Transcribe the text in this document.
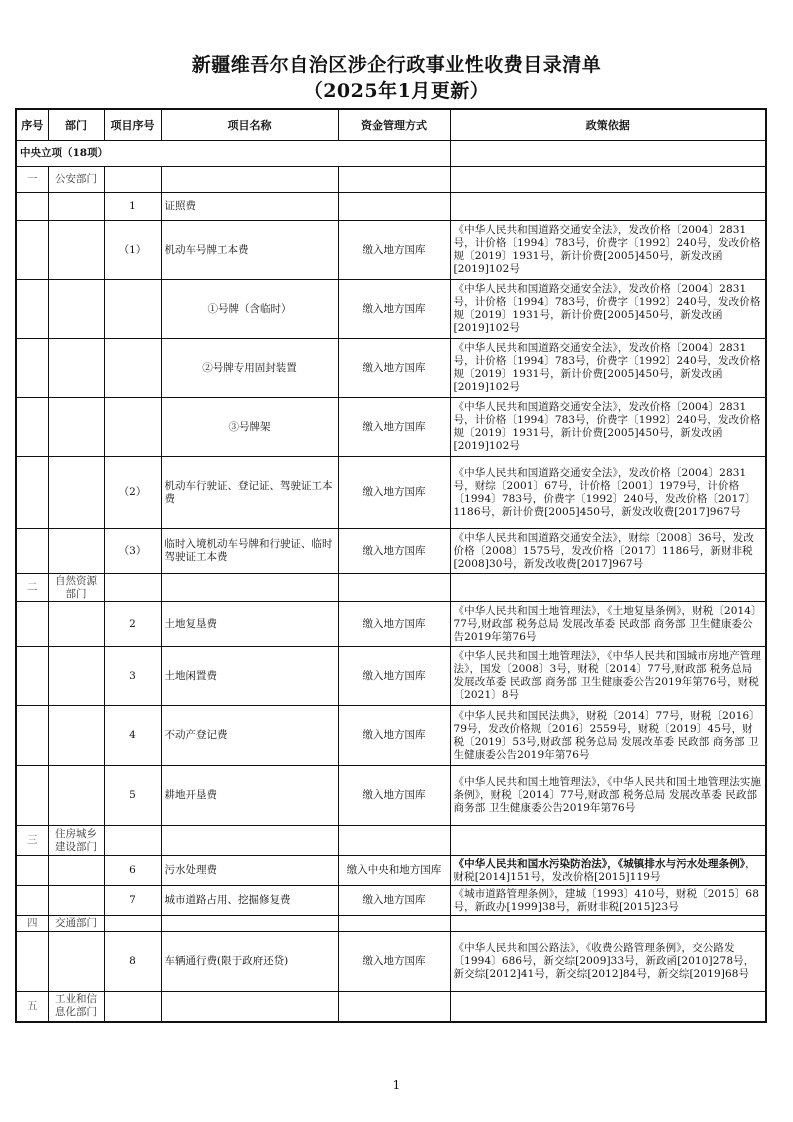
新疆维吾尔自治区涉企行政事业性收费目录清单
（2025年1月更新）
序号	部门	项目序号	项目名称	资金管理方式	政策依据
中央立项（18项）					
一	公安部门				
		1	证照费		
		（1）	机动车号牌工本费	缴入地方国库	《中华人民共和国道路交通安全法》，发改价格〔2004〕2831号，计价格〔1994〕783号，价费字〔1992〕240号，发改价格规〔2019〕1931号，新计价费[2005]450号，新发改函[2019]102号
			①号牌（含临时）	缴入地方国库	《中华人民共和国道路交通安全法》，发改价格〔2004〕2831号，计价格〔1994〕783号，价费字〔1992〕240号，发改价格规〔2019〕1931号，新计价费[2005]450号，新发改函[2019]102号
			②号牌专用固封装置	缴入地方国库	《中华人民共和国道路交通安全法》，发改价格〔2004〕2831号，计价格〔1994〕783号，价费字〔1992〕240号，发改价格规〔2019〕1931号，新计价费[2005]450号，新发改函[2019]102号
			③号牌架	缴入地方国库	《中华人民共和国道路交通安全法》，发改价格〔2004〕2831号，计价格〔1994〕783号，价费字〔1992〕240号，发改价格规〔2019〕1931号，新计价费[2005]450号，新发改函[2019]102号
		（2）	机动车行驶证、登记证、驾驶证工本费	缴入地方国库	《中华人民共和国道路交通安全法》，发改价格〔2004〕2831号，财综〔2001〕67号，计价格〔2001〕1979号，计价格〔1994〕783号，价费字〔1992〕240号，发改价格〔2017〕1186号，新计价费[2005]450号，新发改收费[2017]967号
		（3）	临时入境机动车号牌和行驶证、临时驾驶证工本费	缴入地方国库	《中华人民共和国道路交通安全法》，财综〔2008〕36号，发改价格〔2008〕1575号，发改价格〔2017〕1186号，新财非税[2008]30号，新发改收费[2017]967号
二	自然资源部门				
		2	土地复垦费	缴入地方国库	《中华人民共和国土地管理法》，《土地复垦条例》，财税〔2014〕77号,财政部 税务总局 发展改革委 民政部 商务部 卫生健康委公告2019年第76号
		3	土地闲置费	缴入地方国库	《中华人民共和国土地管理法》，《中华人民共和国城市房地产管理法》，国发〔2008〕3号，财税〔2014〕77号,财政部 税务总局 发展改革委 民政部 商务部 卫生健康委公告2019年第76号，财税〔2021〕8号
		4	不动产登记费	缴入地方国库	《中华人民共和国民法典》，财税〔2014〕77号，财税〔2016〕79号，发改价格规〔2016〕2559号，财税〔2019〕45号，财税〔2019〕53号,财政部 税务总局 发展改革委 民政部 商务部 卫生健康委公告2019年第76号
		5	耕地开垦费	缴入地方国库	《中华人民共和国土地管理法》，《中华人民共和国土地管理法实施条例》，财税〔2014〕77号,财政部 税务总局 发展改革委 民政部 商务部 卫生健康委公告2019年第76号
三	住房城乡建设部门				
		6	污水处理费	缴入中央和地方国库	《中华人民共和国水污染防治法》，《城镇排水与污水处理条例》，财税[2014]151号，发改价格[2015]119号
		7	城市道路占用、挖掘修复费	缴入地方国库	《城市道路管理条例》，建城〔1993〕410号，财税〔2015〕68号，新政办[1999]38号，新财非税[2015]23号
四	交通部门				
		8	车辆通行费(限于政府还贷)	缴入地方国库	《中华人民共和国公路法》，《收费公路管理条例》，交公路发〔1994〕686号，新交综[2009]33号，新政函[2010]278号，新交综[2012]41号，新交综[2012]84号，新交综[2019]68号
五	工业和信息化部门				
1
